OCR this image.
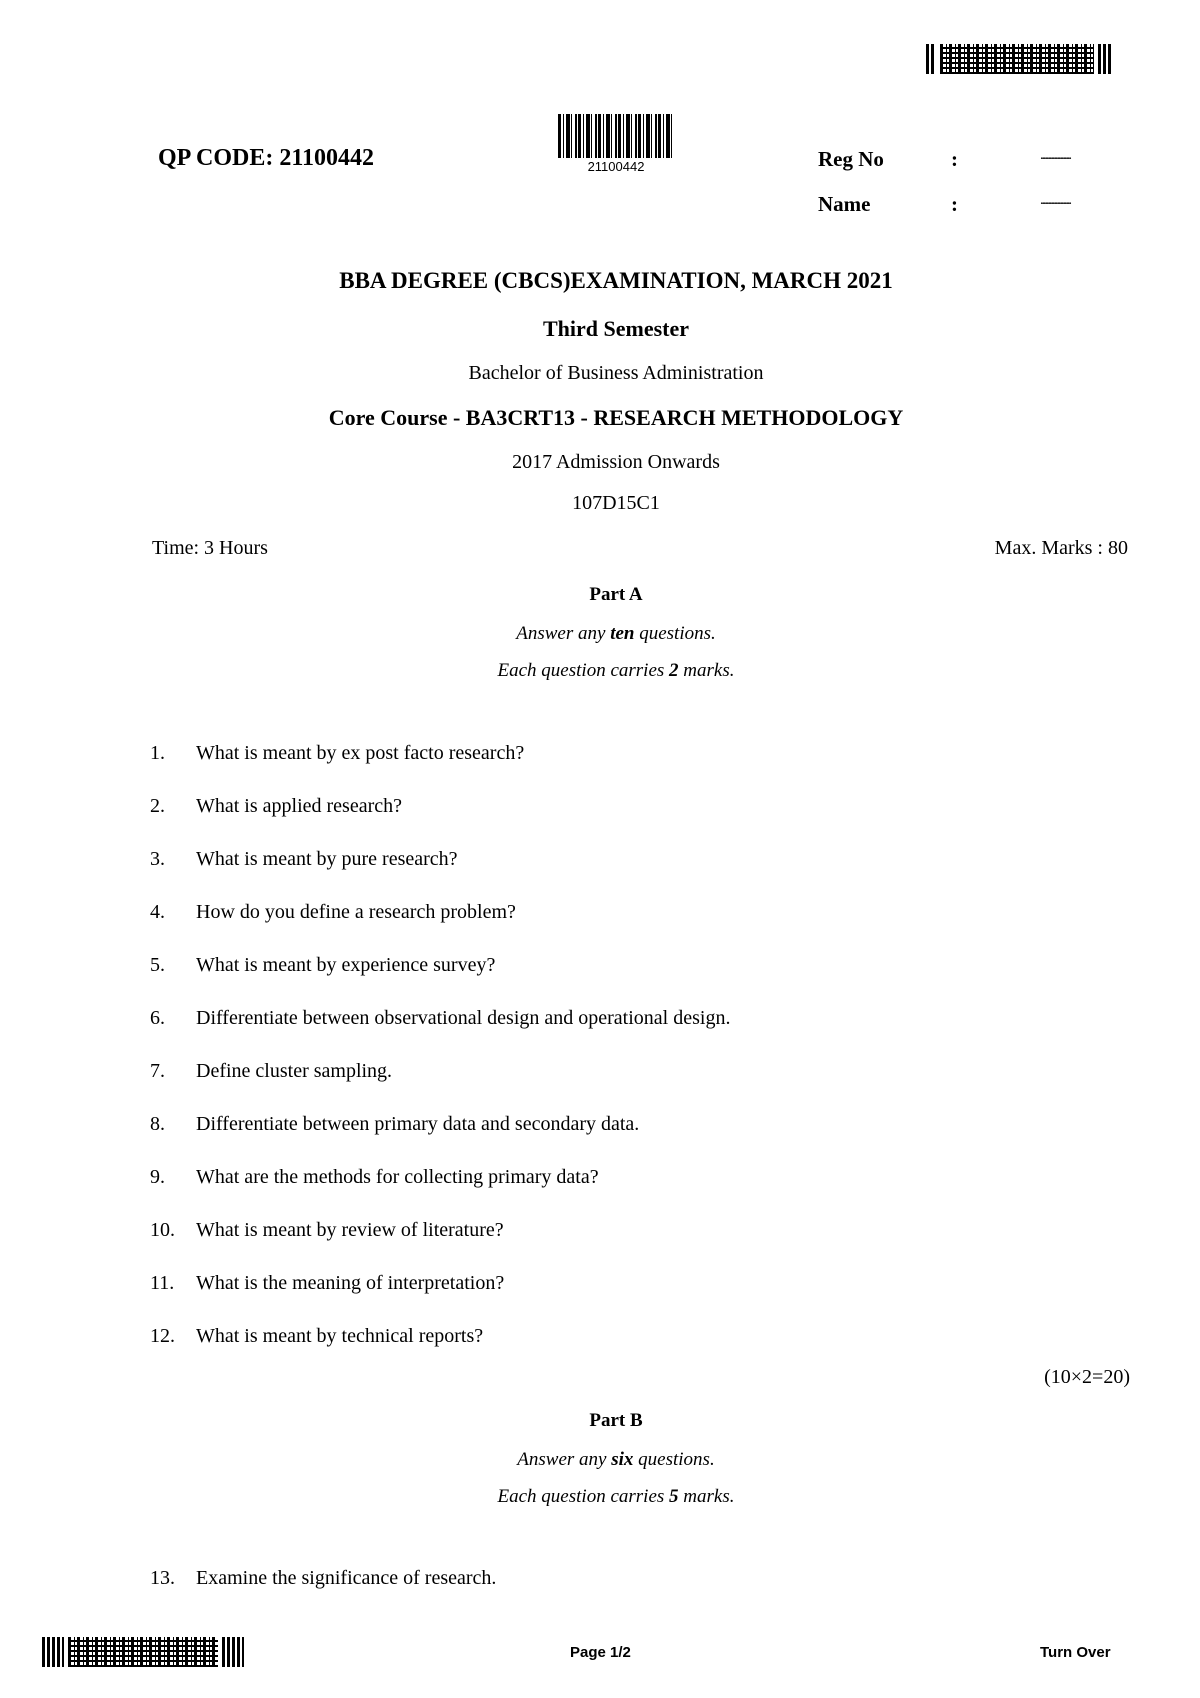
QP CODE: 21100442	21100442	Reg No	:	....................
Name	:	....................
BBA DEGREE (CBCS)EXAMINATION, MARCH 2021
Third Semester
Bachelor of Business Administration
Core Course - BA3CRT13 - RESEARCH METHODOLOGY
2017 Admission Onwards
107D15C1
Time: 3 Hours	Max. Marks : 80
Part A
Answer any ten questions.
Each question carries 2 marks.
1.	What is meant by ex post facto research?
2.	What is applied research?
3.	What is meant by pure research?
4.	How do you define a research problem?
5.	What is meant by experience survey?
6.	Differentiate between observational design and operational design.
7.	Define cluster sampling.
8.	Differentiate between primary data and secondary data.
9.	What are the methods for collecting primary data?
10.	What is meant by review of literature?
11.	What is the meaning of interpretation?
12.	What is meant by technical reports?
(10×2=20)
Part B
Answer any six questions.
Each question carries 5 marks.
13.	Examine the significance of research.
Page 1/2	Turn Over
